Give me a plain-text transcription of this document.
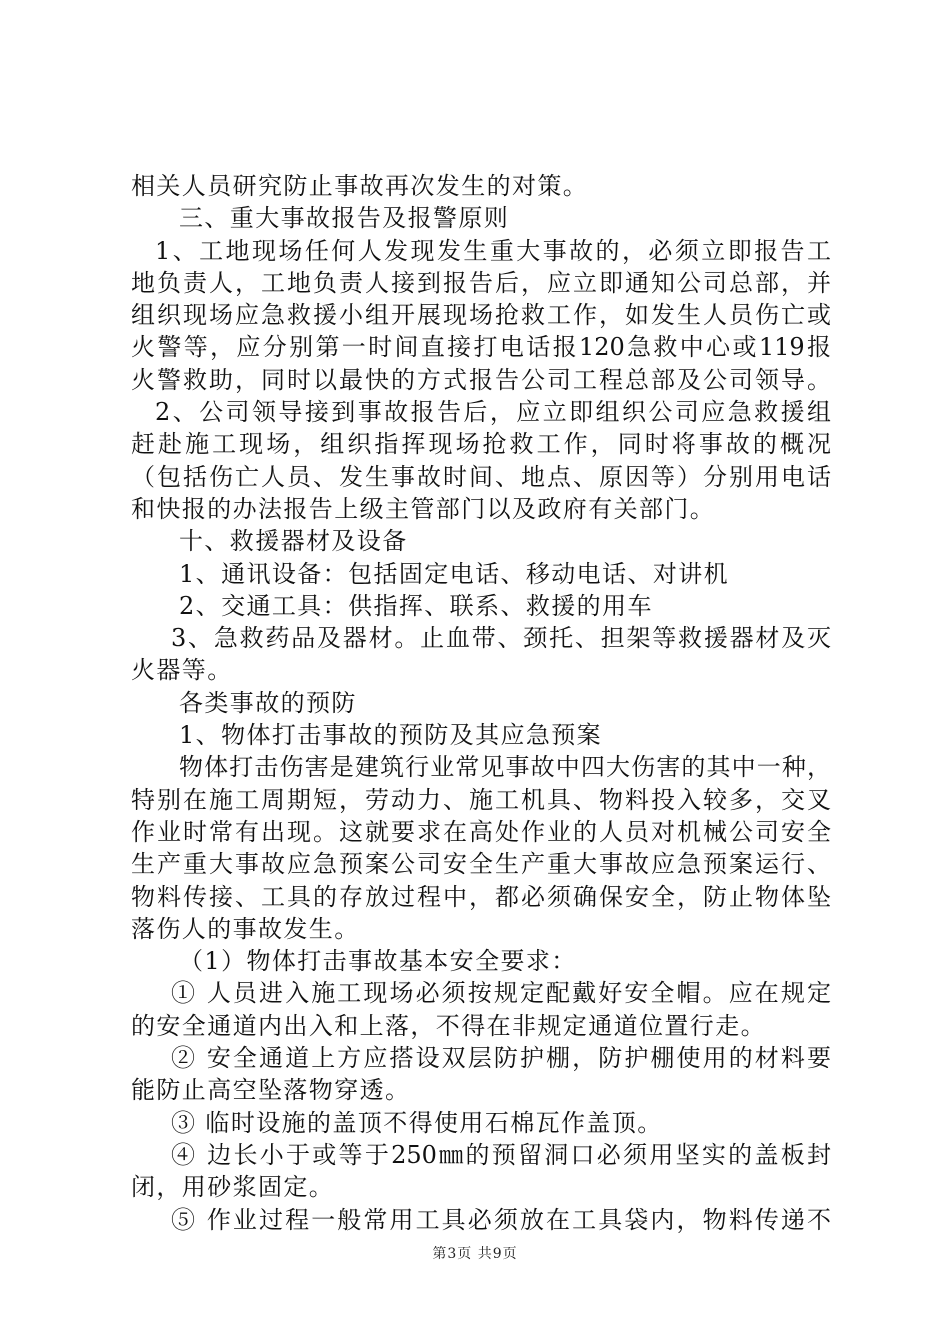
相关人员研究防止事故再次发生的对策。
三、重大事故报告及报警原则
1、工地现场任何人发现发生重大事故的，必须立即报告工
地负责人，工地负责人接到报告后，应立即通知公司总部，并
组织现场应急救援小组开展现场抢救工作，如发生人员伤亡或
火警等，应分别第一时间直接打电话报120急救中心或119报
火警救助，同时以最快的方式报告公司工程总部及公司领导。
2、公司领导接到事故报告后，应立即组织公司应急救援组
赶赴施工现场，组织指挥现场抢救工作，同时将事故的概况
（包括伤亡人员、发生事故时间、地点、原因等）分别用电话
和快报的办法报告上级主管部门以及政府有关部门。
十、救援器材及设备
1、通讯设备：包括固定电话、移动电话、对讲机
2、交通工具：供指挥、联系、救援的用车
3、急救药品及器材。止血带、颈托、担架等救援器材及灭
火器等。
各类事故的预防
1、物体打击事故的预防及其应急预案
物体打击伤害是建筑行业常见事故中四大伤害的其中一种，
特别在施工周期短，劳动力、施工机具、物料投入较多，交叉
作业时常有出现。这就要求在高处作业的人员对机械公司安全
生产重大事故应急预案公司安全生产重大事故应急预案运行、
物料传接、工具的存放过程中，都必须确保安全，防止物体坠
落伤人的事故发生。
（1）物体打击事故基本安全要求：
① 人员进入施工现场必须按规定配戴好安全帽。应在规定
的安全通道内出入和上落，不得在非规定通道位置行走。
② 安全通道上方应搭设双层防护棚，防护棚使用的材料要
能防止高空坠落物穿透。
③ 临时设施的盖顶不得使用石棉瓦作盖顶。
④ 边长小于或等于250㎜的预留洞口必须用坚实的盖板封
闭，用砂浆固定。
⑤ 作业过程一般常用工具必须放在工具袋内，物料传递不
第3页 共9页
